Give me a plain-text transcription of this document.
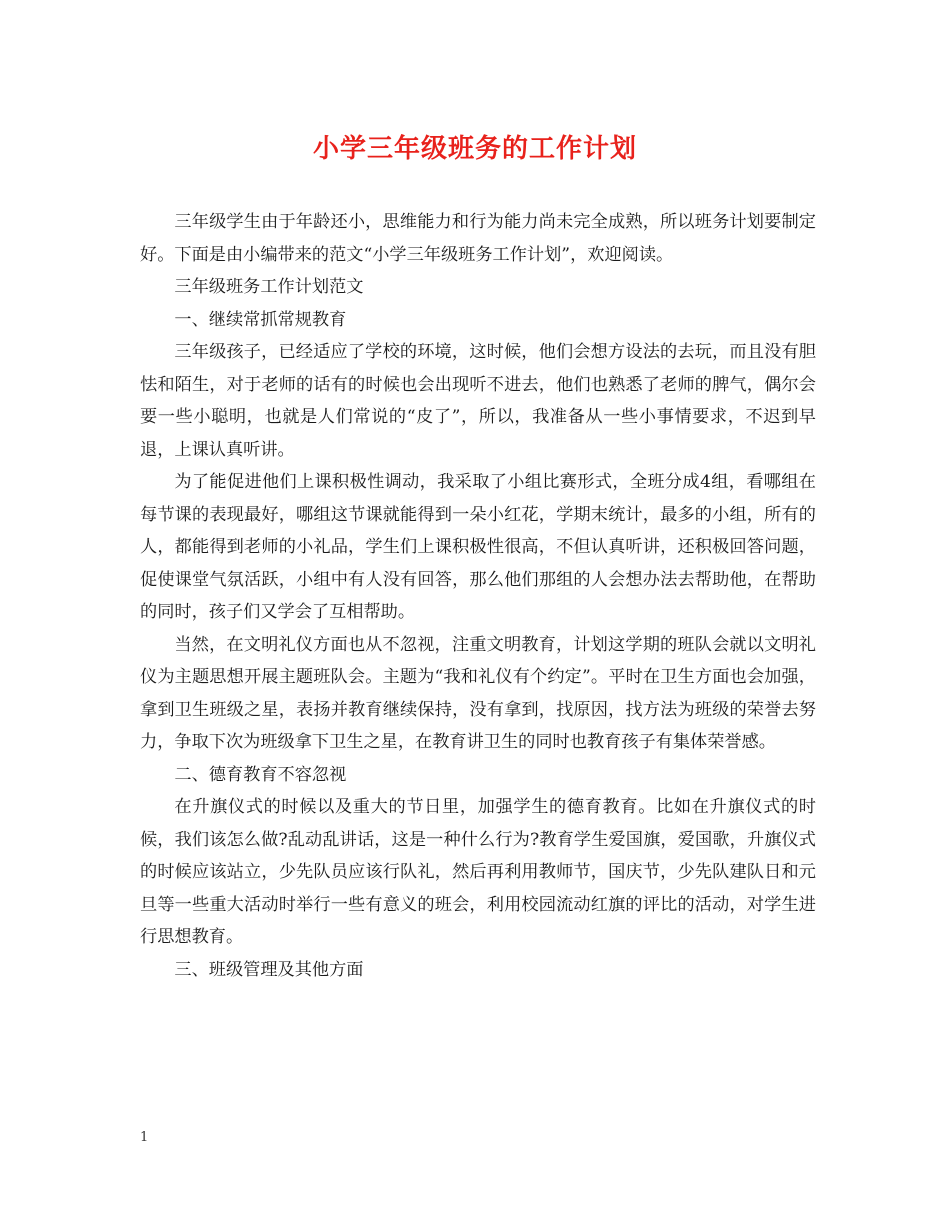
小学三年级班务的工作计划

三年级学生由于年龄还小，思维能力和行为能力尚未完全成熟，所以班务计划要制定好。下面是由小编带来的范文“小学三年级班务工作计划”，欢迎阅读。

三年级班务工作计划范文

一、继续常抓常规教育

三年级孩子，已经适应了学校的环境，这时候，他们会想方设法的去玩，而且没有胆怯和陌生，对于老师的话有的时候也会出现听不进去，他们也熟悉了老师的脾气，偶尔会要一些小聪明，也就是人们常说的“皮了”，所以，我准备从一些小事情要求，不迟到早退，上课认真听讲。

为了能促进他们上课积极性调动，我采取了小组比赛形式，全班分成4组，看哪组在每节课的表现最好，哪组这节课就能得到一朵小红花，学期末统计，最多的小组，所有的人，都能得到老师的小礼品，学生们上课积极性很高，不但认真听讲，还积极回答问题，促使课堂气氛活跃，小组中有人没有回答，那么他们那组的人会想办法去帮助他，在帮助的同时，孩子们又学会了互相帮助。

当然，在文明礼仪方面也从不忽视，注重文明教育，计划这学期的班队会就以文明礼仪为主题思想开展主题班队会。主题为“我和礼仪有个约定”。平时在卫生方面也会加强，拿到卫生班级之星，表扬并教育继续保持，没有拿到，找原因，找方法为班级的荣誉去努力，争取下次为班级拿下卫生之星，在教育讲卫生的同时也教育孩子有集体荣誉感。

二、德育教育不容忽视

在升旗仪式的时候以及重大的节日里，加强学生的德育教育。比如在升旗仪式的时候，我们该怎么做?乱动乱讲话，这是一种什么行为?教育学生爱国旗，爱国歌，升旗仪式的时候应该站立，少先队员应该行队礼，然后再利用教师节，国庆节，少先队建队日和元旦等一些重大活动时举行一些有意义的班会，利用校园流动红旗的评比的活动，对学生进行思想教育。

三、班级管理及其他方面

1
